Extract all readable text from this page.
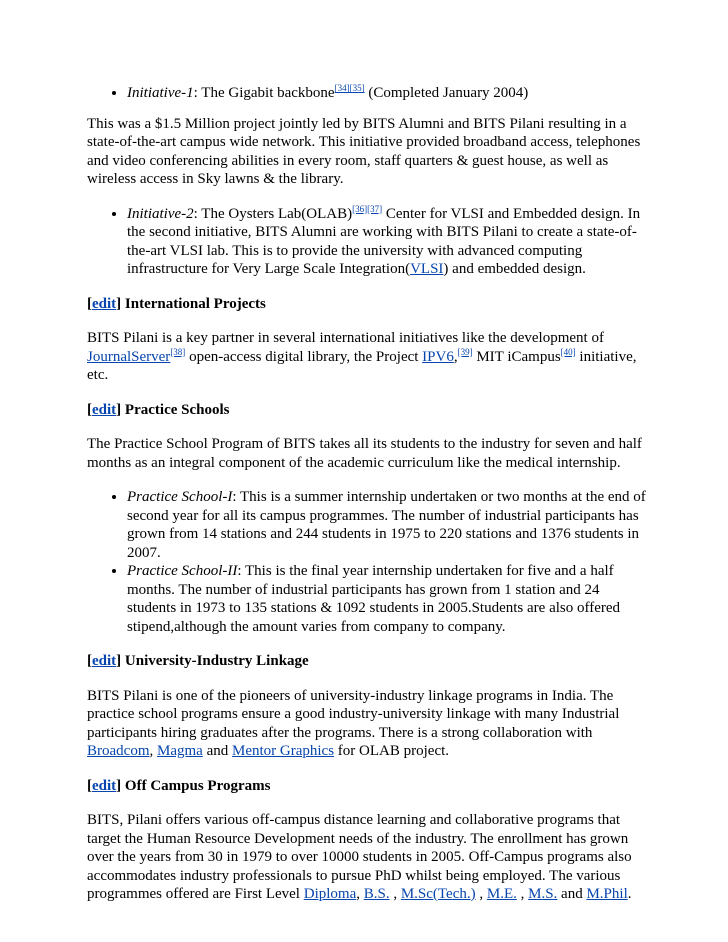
• Initiative-1: The Gigabit backbone[34][35] (Completed January 2004)

This was a $1.5 Million project jointly led by BITS Alumni and BITS Pilani resulting in a state-of-the-art campus wide network. This initiative provided broadband access, telephones and video conferencing abilities in every room, staff quarters & guest house, as well as wireless access in Sky lawns & the library.

• Initiative-2: The Oysters Lab(OLAB)[36][37] Center for VLSI and Embedded design. In the second initiative, BITS Alumni are working with BITS Pilani to create a state-of-the-art VLSI lab. This is to provide the university with advanced computing infrastructure for Very Large Scale Integration(VLSI) and embedded design.
[edit] International Projects

BITS Pilani is a key partner in several international initiatives like the development of JournalServer[38] open-access digital library, the Project IPV6,[39] MIT iCampus[40] initiative, etc.

[edit] Practice Schools

The Practice School Program of BITS takes all its students to the industry for seven and half months as an integral component of the academic curriculum like the medical internship.

• Practice School-I: This is a summer internship undertaken or two months at the end of second year for all its campus programmes. The number of industrial participants has grown from 14 stations and 244 students in 1975 to 220 stations and 1376 students in 2007.
• Practice School-II: This is the final year internship undertaken for five and a half months. The number of industrial participants has grown from 1 station and 24 students in 1973 to 135 stations & 1092 students in 2005.Students are also offered stipend,although the amount varies from company to company.
[edit] University-Industry Linkage

BITS Pilani is one of the pioneers of university-industry linkage programs in India. The practice school programs ensure a good industry-university linkage with many Industrial participants hiring graduates after the programs. There is a strong collaboration with Broadcom, Magma and Mentor Graphics for OLAB project.

[edit] Off Campus Programs

BITS, Pilani offers various off-campus distance learning and collaborative programs that target the Human Resource Development needs of the industry. The enrollment has grown over the years from 30 in 1979 to over 10000 students in 2005. Off-Campus programs also accommodates industry professionals to pursue PhD whilst being employed. The various programmes offered are First Level Diploma, B.S. , M.Sc(Tech.) , M.E. , M.S. and M.Phil.
